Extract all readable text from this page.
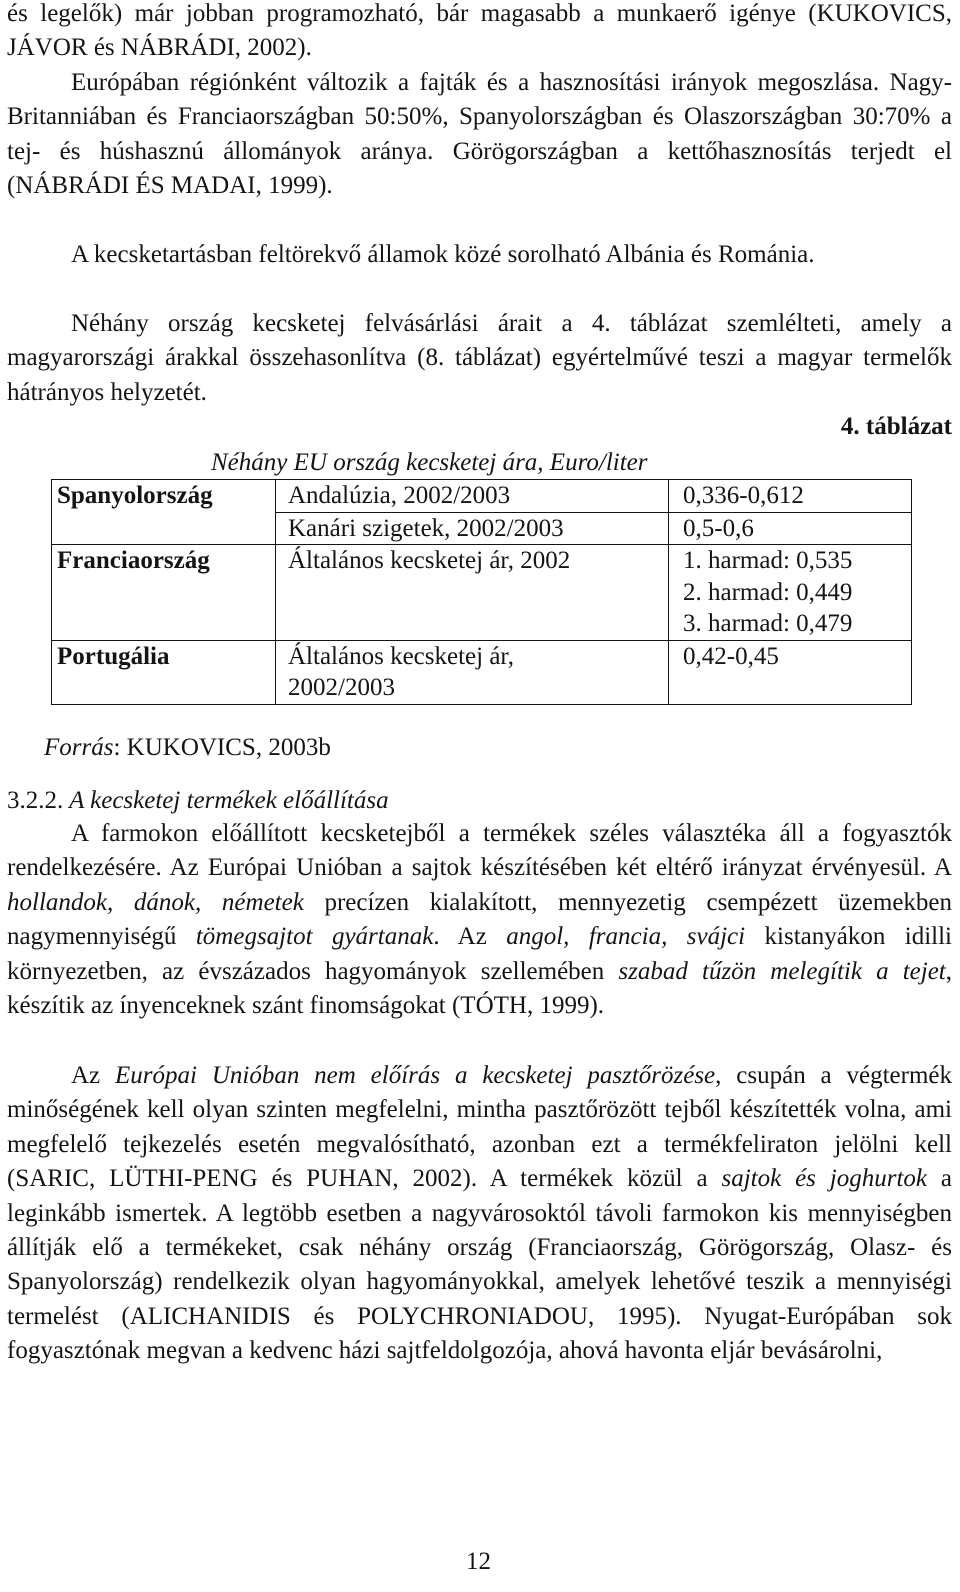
és legelők) már jobban programozható, bár magasabb a munkaerő igénye (KUKOVICS, JÁVOR és NÁBRÁDI, 2002).

Európában régiónként változik a fajták és a hasznosítási irányok megoszlása. Nagy-Britanniában és Franciaországban 50:50%, Spanyolországban és Olaszországban 30:70% a tej- és húshasznú állományok aránya. Görögországban a kettőhasznosítás terjedt el (NÁBRÁDI ÉS MADAI, 1999).

A kecsketartásban feltörekvő államok közé sorolható Albánia és Románia.

Néhány ország kecsketej felvásárlási árait a 4. táblázat szemlélteti, amely a magyarországi árakkal összehasonlítva (8. táblázat) egyértelművé teszi a magyar termelők hátrányos helyzetét.

4. táblázat
Néhány EU ország kecsketej ára, Euro/liter
Spanyolország	Andalúzia, 2002/2003	0,336-0,612
	Kanári szigetek, 2002/2003	0,5-0,6
Franciaország	Általános kecsketej ár, 2002	1. harmad: 0,535
2. harmad: 0,449
3. harmad: 0,479

Portugália	Általános kecsketej ár,
2002/2003	0,42-0,45
Forrás: KUKOVICS, 2003b
3.2.2. A kecsketej termékek előállítása

A farmokon előállított kecsketejből a termékek széles választéka áll a fogyasztók rendelkezésére. Az Európai Unióban a sajtok készítésében két eltérő irányzat érvényesül. A hollandok, dánok, németek precízen kialakított, mennyezetig csempézett üzemekben nagymennyiségű tömegsajtot gyártanak. Az angol, francia, svájci kistanyákon idilli környezetben, az évszázados hagyományok szellemében szabad tűzön melegítik a tejet, készítik az ínyenceknek szánt finomságokat (TÓTH, 1999).

Az Európai Unióban nem előírás a kecsketej pasztőrözése, csupán a végtermék minőségének kell olyan szinten megfelelni, mintha pasztőrözött tejből készítették volna, ami megfelelő tejkezelés esetén megvalósítható, azonban ezt a termékfeliraton jelölni kell (SARIC, LÜTHI-PENG és PUHAN, 2002). A termékek közül a sajtok és joghurtok a leginkább ismertek. A legtöbb esetben a nagyvárosoktól távoli farmokon kis mennyiségben állítják elő a termékeket, csak néhány ország (Franciaország, Görögország, Olasz- és Spanyolország) rendelkezik olyan hagyományokkal, amelyek lehetővé teszik a mennyiségi termelést (ALICHANIDIS és POLYCHRONIADOU, 1995). Nyugat-Európában sok fogyasztónak megvan a kedvenc házi sajtfeldolgozója, ahová havonta eljár bevásárolni,

12
